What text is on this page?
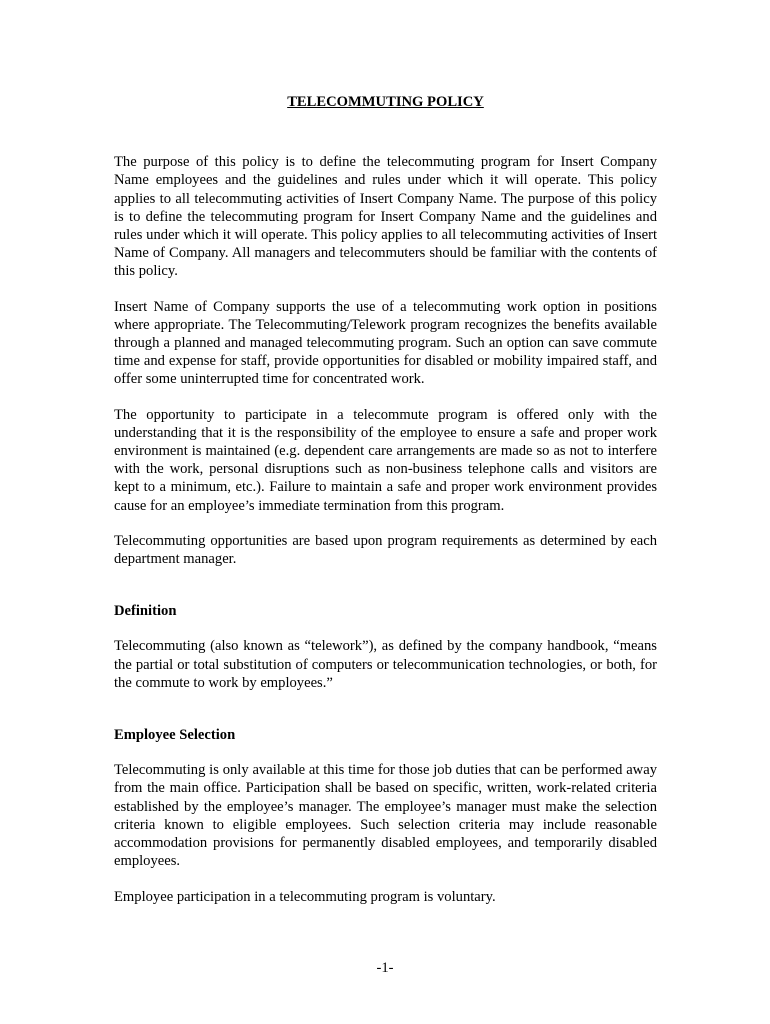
TELECOMMUTING POLICY

The purpose of this policy is to define the telecommuting program for Insert Company Name employees and the guidelines and rules under which it will operate. This policy applies to all telecommuting activities of Insert Company Name. The purpose of this policy is to define the telecommuting program for Insert Company Name and the guidelines and rules under which it will operate. This policy applies to all telecommuting activities of Insert Name of Company. All managers and telecommuters should be familiar with the contents of this policy.

Insert Name of Company supports the use of a telecommuting work option in positions where appropriate. The Telecommuting/Telework program recognizes the benefits available through a planned and managed telecommuting program. Such an option can save commute time and expense for staff, provide opportunities for disabled or mobility impaired staff, and offer some uninterrupted time for concentrated work.

The opportunity to participate in a telecommute program is offered only with the understanding that it is the responsibility of the employee to ensure a safe and proper work environment is maintained (e.g. dependent care arrangements are made so as not to interfere with the work, personal disruptions such as non-business telephone calls and visitors are kept to a minimum, etc.). Failure to maintain a safe and proper work environment provides cause for an employee’s immediate termination from this program.

Telecommuting opportunities are based upon program requirements as determined by each department manager.

Definition

Telecommuting (also known as “telework”), as defined by the company handbook, “means the partial or total substitution of computers or telecommunication technologies, or both, for the commute to work by employees.”

Employee Selection

Telecommuting is only available at this time for those job duties that can be performed away from the main office. Participation shall be based on specific, written, work-related criteria established by the employee’s manager. The employee’s manager must make the selection criteria known to eligible employees. Such selection criteria may include reasonable accommodation provisions for permanently disabled employees, and temporarily disabled employees.

Employee participation in a telecommuting program is voluntary.

-1-
